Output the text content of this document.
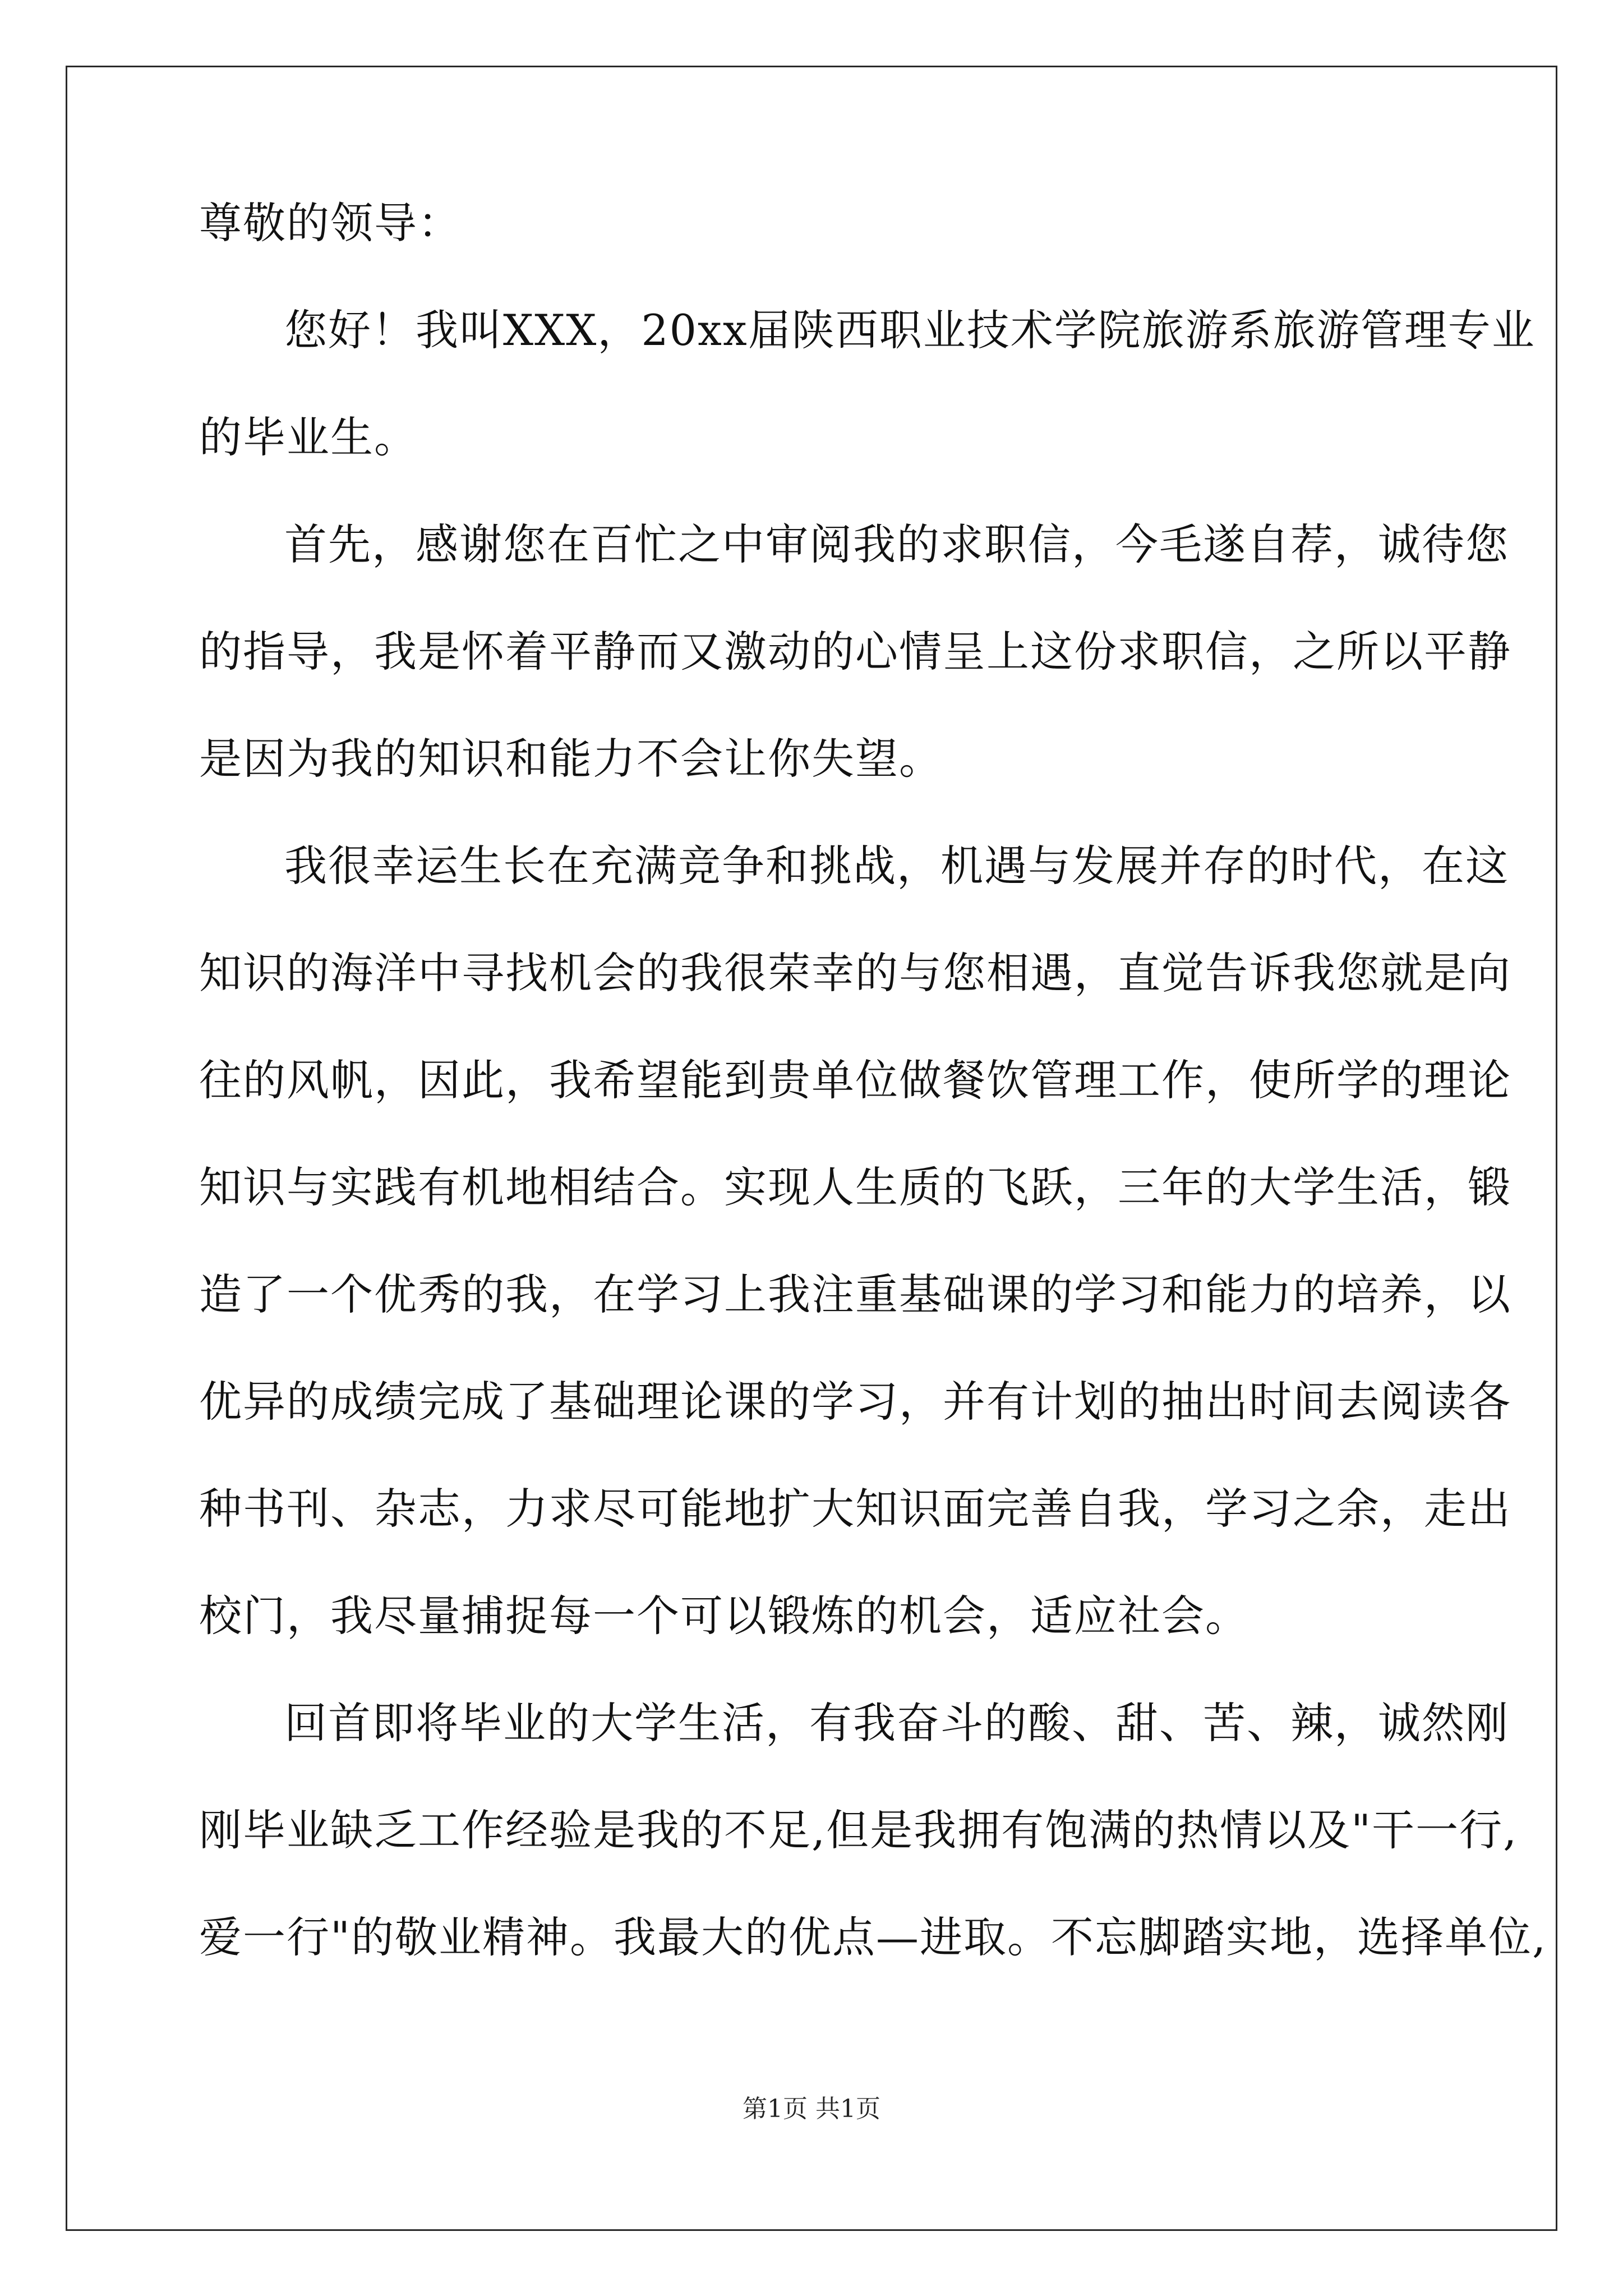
尊敬的领导：
您好！我叫XXX，20xx届陕西职业技术学院旅游系旅游管理专业
的毕业生。
首先，感谢您在百忙之中审阅我的求职信，今毛遂自荐，诚待您
的指导，我是怀着平静而又激动的心情呈上这份求职信，之所以平静
是因为我的知识和能力不会让你失望。
我很幸运生长在充满竞争和挑战，机遇与发展并存的时代，在这
知识的海洋中寻找机会的我很荣幸的与您相遇，直觉告诉我您就是向
往的风帆，因此，我希望能到贵单位做餐饮管理工作，使所学的理论
知识与实践有机地相结合。实现人生质的飞跃，三年的大学生活，锻
造了一个优秀的我，在学习上我注重基础课的学习和能力的培养，以
优异的成绩完成了基础理论课的学习，并有计划的抽出时间去阅读各
种书刊、杂志，力求尽可能地扩大知识面完善自我，学习之余，走出
校门，我尽量捕捉每一个可以锻炼的机会，适应社会。
回首即将毕业的大学生活，有我奋斗的酸、甜、苦、辣，诚然刚
刚毕业缺乏工作经验是我的不足,但是我拥有饱满的热情以及"干一行,
爱一行"的敬业精神。我最大的优点—进取。不忘脚踏实地，选择单位,
第1页 共1页
